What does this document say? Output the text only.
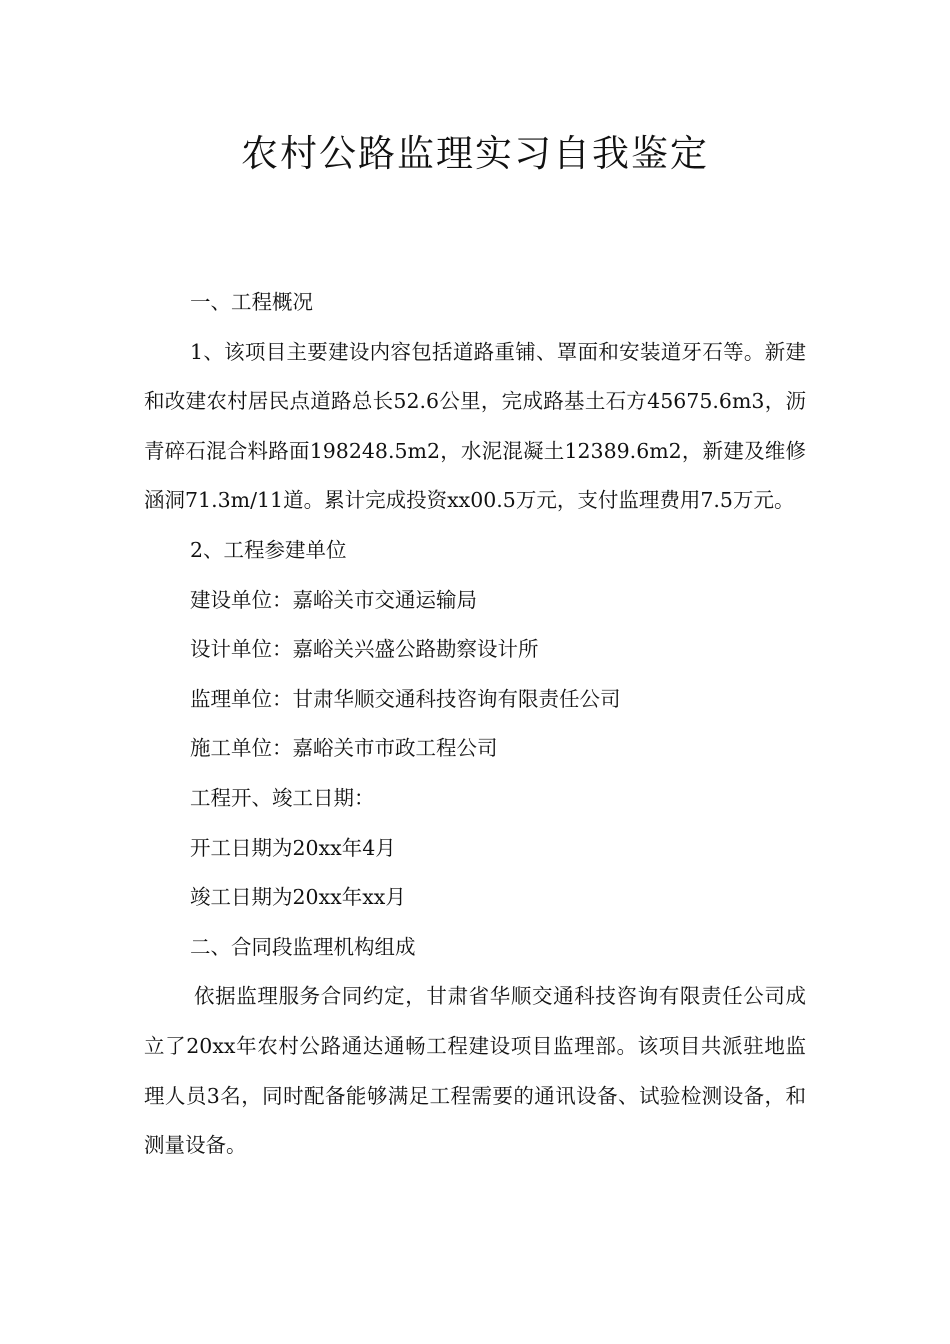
农村公路监理实习自我鉴定

一、工程概况

1、该项目主要建设内容包括道路重铺、罩面和安装道牙石等。新建和改建农村居民点道路总长52.6公里，完成路基土石方45675.6m3，沥青碎石混合料路面198248.5m2，水泥混凝土12389.6m2，新建及维修涵洞71.3m/11道。累计完成投资xx00.5万元，支付监理费用7.5万元。

2、工程参建单位

建设单位：嘉峪关市交通运输局

设计单位：嘉峪关兴盛公路勘察设计所

监理单位：甘肃华顺交通科技咨询有限责任公司

施工单位：嘉峪关市市政工程公司

工程开、竣工日期：

开工日期为20xx年4月

竣工日期为20xx年xx月

二、合同段监理机构组成

依据监理服务合同约定，甘肃省华顺交通科技咨询有限责任公司成立了20xx年农村公路通达通畅工程建设项目监理部。该项目共派驻地监理人员3名，同时配备能够满足工程需要的通讯设备、试验检测设备，和测量设备。
